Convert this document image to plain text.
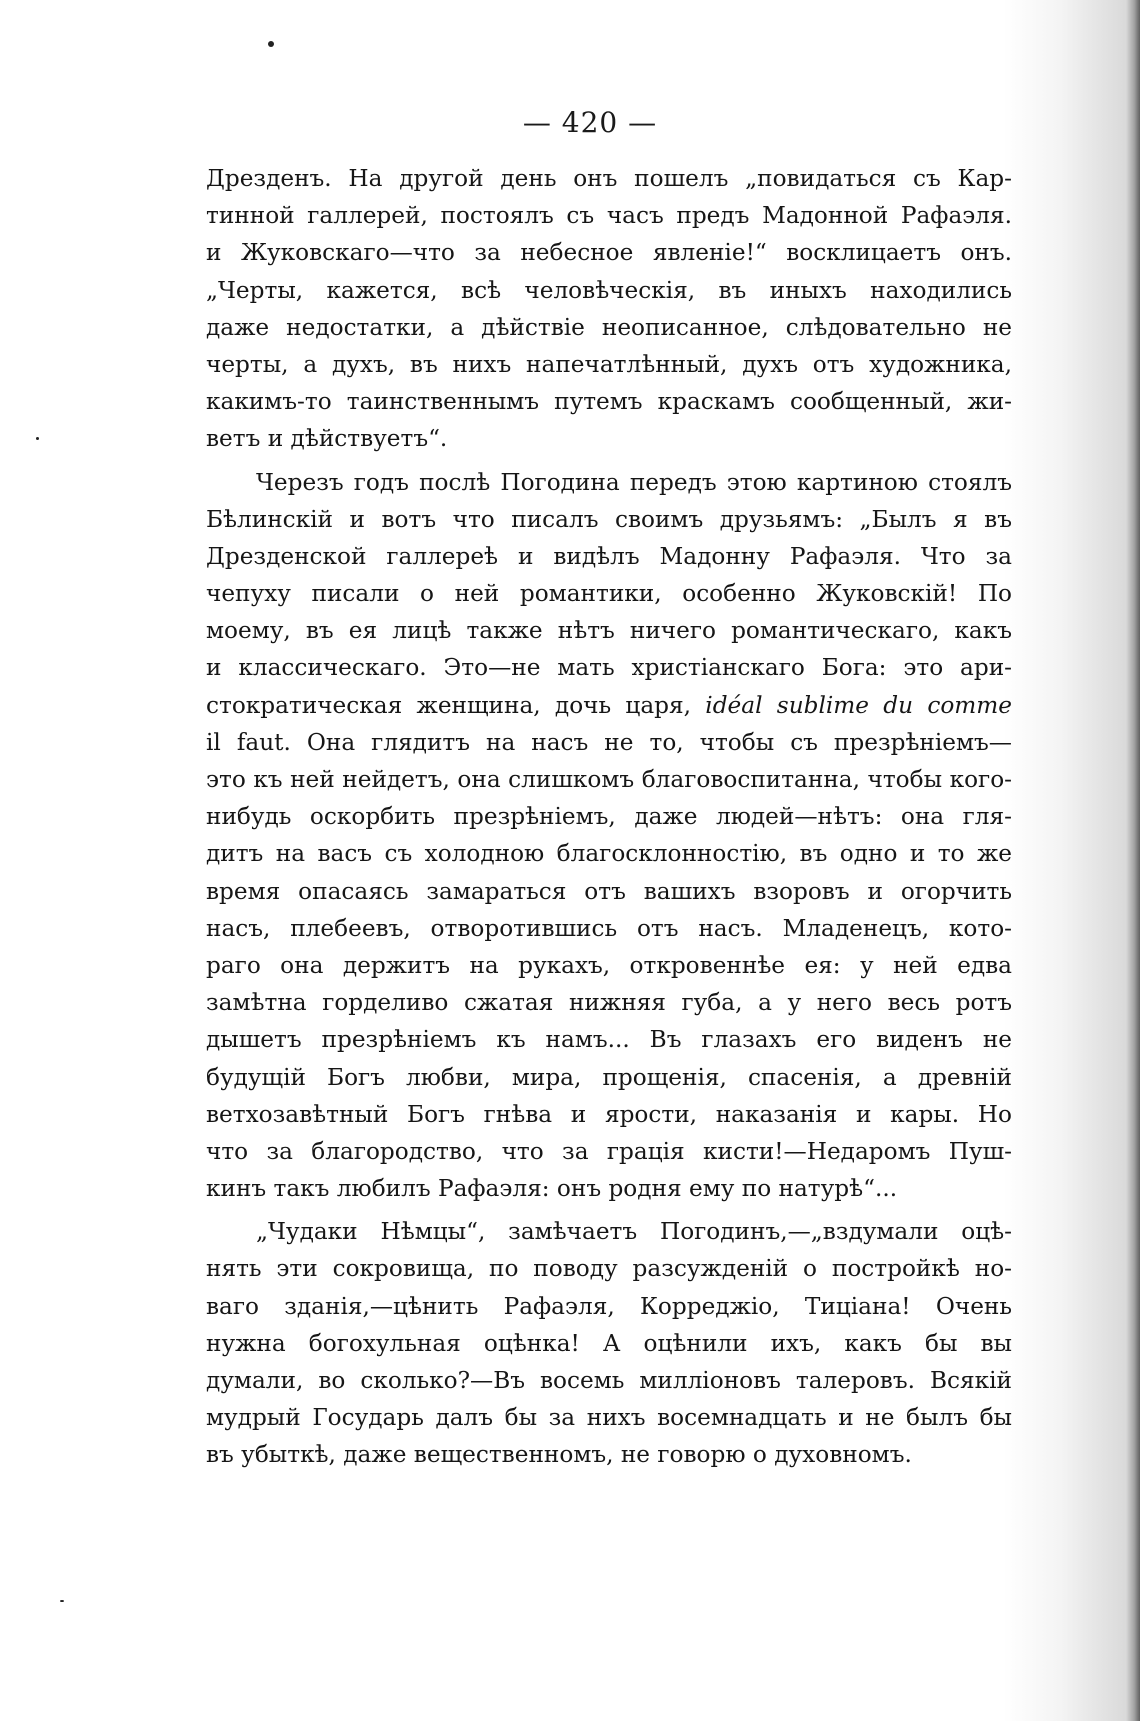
— 420 —
Дрезденъ. На другой день онъ пошелъ „повидаться съ Кар-
тинной галлерей, постоялъ съ часъ предъ Мадонной Рафаэля.
и Жуковскаго—что за небесное явленіе!“ восклицаетъ онъ.
„Черты, кажется, всѣ человѣческія, въ иныхъ находились
даже недостатки, а дѣйствіе неописанное, слѣдовательно не
черты, а духъ, въ нихъ напечатлѣнный, духъ отъ художника,
какимъ-то таинственнымъ путемъ краскамъ сообщенный, жи-
ветъ и дѣйствуетъ“.
Черезъ годъ послѣ Погодина передъ этою картиною стоялъ
Бѣлинскій и вотъ что писалъ своимъ друзьямъ: „Былъ я въ
Дрезденской галлереѣ и видѣлъ Мадонну Рафаэля. Что за
чепуху писали о ней романтики, особенно Жуковскій! По
моему, въ ея лицѣ также нѣтъ ничего романтическаго, какъ
и классическаго. Это—не мать христіанскаго Бога: это ари-
стократическая женщина, дочь царя, idéal sublime du comme
il faut. Она глядитъ на насъ не то, чтобы съ презрѣніемъ—
это къ ней нейдетъ, она слишкомъ благовоспитанна, чтобы кого-
нибудь оскорбить презрѣніемъ, даже людей—нѣтъ: она гля-
дитъ на васъ съ холодною благосклонностію, въ одно и то же
время опасаясь замараться отъ вашихъ взоровъ и огорчить
насъ, плебеевъ, отворотившись отъ насъ. Младенецъ, кото-
раго она держитъ на рукахъ, откровеннѣе ея: у ней едва
замѣтна горделиво сжатая нижняя губа, а у него весь ротъ
дышетъ презрѣніемъ къ намъ... Въ глазахъ его виденъ не
будущій Богъ любви, мира, прощенія, спасенія, а древній
ветхозавѣтный Богъ гнѣва и ярости, наказанія и кары. Но
что за благородство, что за грація кисти!—Недаромъ Пуш-
кинъ такъ любилъ Рафаэля: онъ родня ему по натурѣ“...
„Чудаки Нѣмцы“, замѣчаетъ Погодинъ,—„вздумали оцѣ-
нять эти сокровища, по поводу разсужденій о постройкѣ но-
ваго зданія,—цѣнить Рафаэля, Корреджіо, Тиціана! Очень
нужна богохульная оцѣнка! А оцѣнили ихъ, какъ бы вы
думали, во сколько?—Въ восемь милліоновъ талеровъ. Всякій
мудрый Государь далъ бы за нихъ восемнадцать и не былъ бы
въ убыткѣ, даже вещественномъ, не говорю о духовномъ.
